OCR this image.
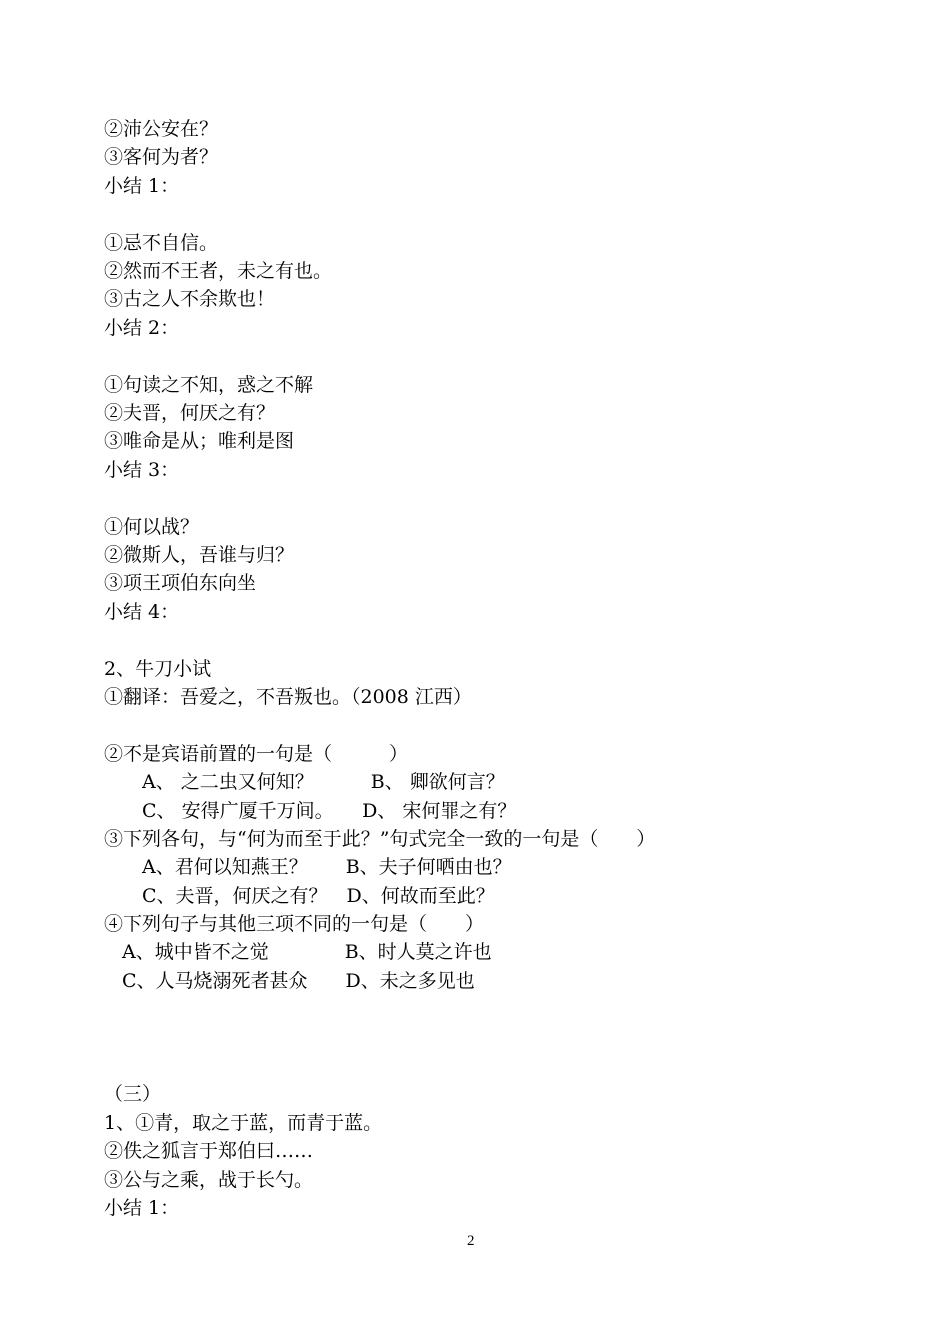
②沛公安在？
③客何为者？
小结 1：
①忌不自信。
②然而不王者，未之有也。
③古之人不余欺也！
小结 2：
①句读之不知，惑之不解
②夫晋，何厌之有？
③唯命是从；唯利是图
小结 3：
①何以战？
②微斯人，吾谁与归？
③项王项伯东向坐
小结 4：
2、牛刀小试
①翻译：吾爱之，不吾叛也。（2008 江西）
②不是宾语前置的一句是（　　　）
A、 之二虫又何知？　　　B、 卿欲何言？
C、 安得广厦千万间。　　D、 宋何罪之有？
③下列各句，与“何为而至于此？”句式完全一致的一句是（　　）
A、君何以知燕王？　　B、夫子何哂由也？
C、夫晋，何厌之有？　D、何故而至此？
④下列句子与其他三项不同的一句是（　　）
A、城中皆不之觉　　　　B、时人莫之许也
C、人马烧溺死者甚众　　D、未之多见也
（三）
1、①青，取之于蓝，而青于蓝。
②佚之狐言于郑伯曰……
③公与之乘，战于长勺。
小结 1：
2
